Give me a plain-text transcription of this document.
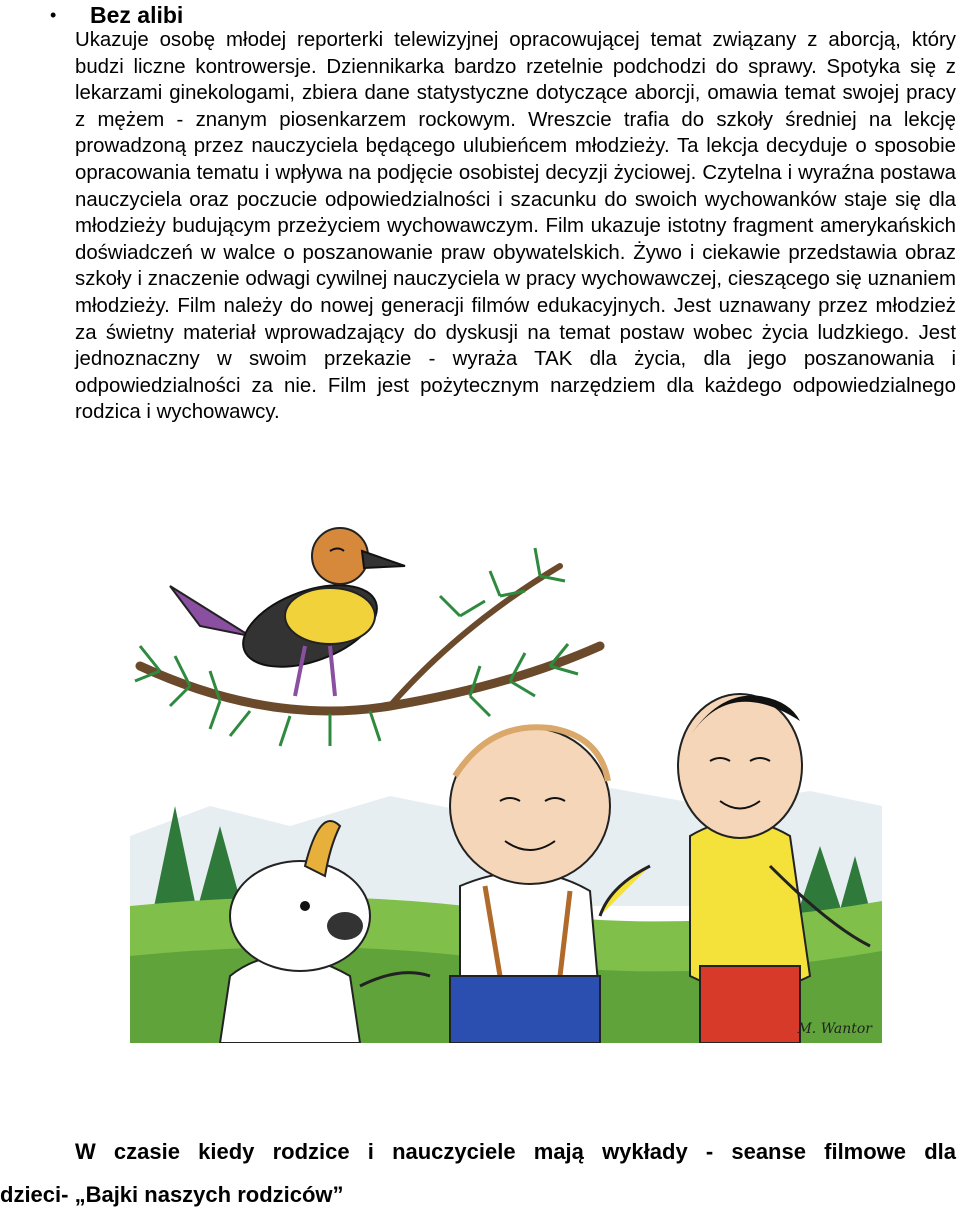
•	Bez alibi

Ukazuje osobę młodej reporterki telewizyjnej opracowującej temat związany z aborcją, który budzi liczne kontrowersje. Dziennikarka bardzo rzetelnie podchodzi do sprawy. Spotyka się z lekarzami ginekologami, zbiera dane statystyczne dotyczące aborcji, omawia temat swojej pracy z mężem - znanym piosenkarzem rockowym. Wreszcie trafia do szkoły średniej na lekcję prowadzoną przez nauczyciela będącego ulubieńcem młodzieży. Ta lekcja decyduje o sposobie opracowania tematu i wpływa na podjęcie osobistej decyzji życiowej. Czytelna i wyraźna postawa nauczyciela oraz poczucie odpowiedzialności i szacunku do swoich wychowanków staje się dla młodzieży budującym przeżyciem wychowawczym. Film ukazuje istotny fragment amerykańskich doświadczeń w walce o poszanowanie praw obywatelskich. Żywo i ciekawie przedstawia obraz szkoły i znaczenie odwagi cywilnej nauczyciela w pracy wychowawczej, cieszącego się uznaniem młodzieży. Film należy do nowej generacji filmów edukacyjnych. Jest uznawany przez młodzież za świetny materiał wprowadzający do dyskusji na temat postaw wobec życia ludzkiego. Jest jednoznaczny w swoim przekazie - wyraża TAK dla życia, dla jego poszanowania i odpowiedzialności za nie. Film jest pożytecznym narzędziem dla każdego odpowiedzialnego rodzica i wychowawcy.

M. Wantor

W czasie kiedy rodzice i nauczyciele mają wykłady - seanse filmowe dla
dzieci- „Bajki naszych rodziców”
